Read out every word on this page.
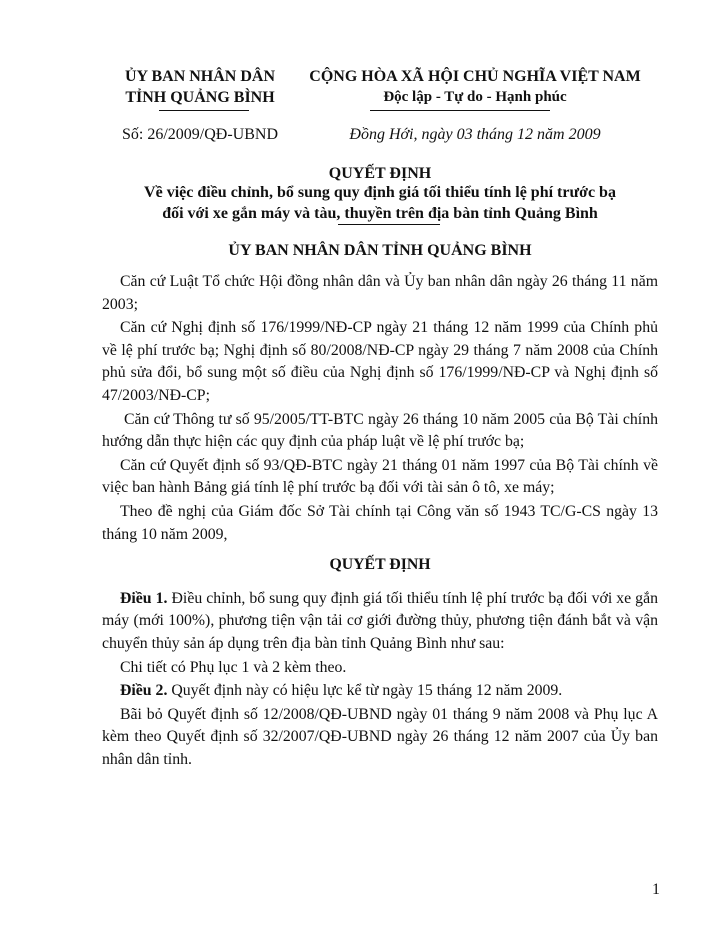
ỦY BAN NHÂN DÂN
TỈNH QUẢNG BÌNH
CỘNG HÒA XÃ HỘI CHỦ NGHĨA VIỆT NAM
Độc lập - Tự do - Hạnh phúc
Số: 26/2009/QĐ-UBND	Đồng Hới, ngày 03 tháng 12 năm 2009
QUYẾT ĐỊNH
Về việc điều chỉnh, bổ sung quy định giá tối thiểu tính lệ phí trước bạ
đối với xe gắn máy và tàu, thuyền trên địa bàn tỉnh Quảng Bình
ỦY BAN NHÂN DÂN TỈNH QUẢNG BÌNH

Căn cứ Luật Tổ chức Hội đồng nhân dân và Ủy ban nhân dân ngày 26 tháng 11 năm 2003;

Căn cứ Nghị định số 176/1999/NĐ-CP ngày 21 tháng 12 năm 1999 của Chính phủ về lệ phí trước bạ; Nghị định số 80/2008/NĐ-CP ngày 29 tháng 7 năm 2008 của Chính phủ sửa đổi, bổ sung một số điều của Nghị định số 176/1999/NĐ-CP và Nghị định số 47/2003/NĐ-CP;

Căn cứ Thông tư số 95/2005/TT-BTC ngày 26 tháng 10 năm 2005 của Bộ Tài chính hướng dẫn thực hiện các quy định của pháp luật về lệ phí trước bạ;

Căn cứ Quyết định số 93/QĐ-BTC ngày 21 tháng 01 năm 1997 của Bộ Tài chính về việc ban hành Bảng giá tính lệ phí trước bạ đối với tài sản ô tô, xe máy;

Theo đề nghị của Giám đốc Sở Tài chính tại Công văn số 1943 TC/G-CS ngày 13 tháng 10 năm 2009,

QUYẾT ĐỊNH

Điều 1. Điều chỉnh, bổ sung quy định giá tối thiểu tính lệ phí trước bạ đối với xe gắn máy (mới 100%), phương tiện vận tải cơ giới đường thủy, phương tiện đánh bắt và vận chuyển thủy sản áp dụng trên địa bàn tỉnh Quảng Bình như sau:

Chi tiết có Phụ lục 1 và 2 kèm theo.

Điều 2. Quyết định này có hiệu lực kể từ ngày 15 tháng 12 năm 2009.

Bãi bỏ Quyết định số 12/2008/QĐ-UBND ngày 01 tháng 9 năm 2008 và Phụ lục A kèm theo Quyết định số 32/2007/QĐ-UBND ngày 26 tháng 12 năm 2007 của Ủy ban nhân dân tỉnh.

1
